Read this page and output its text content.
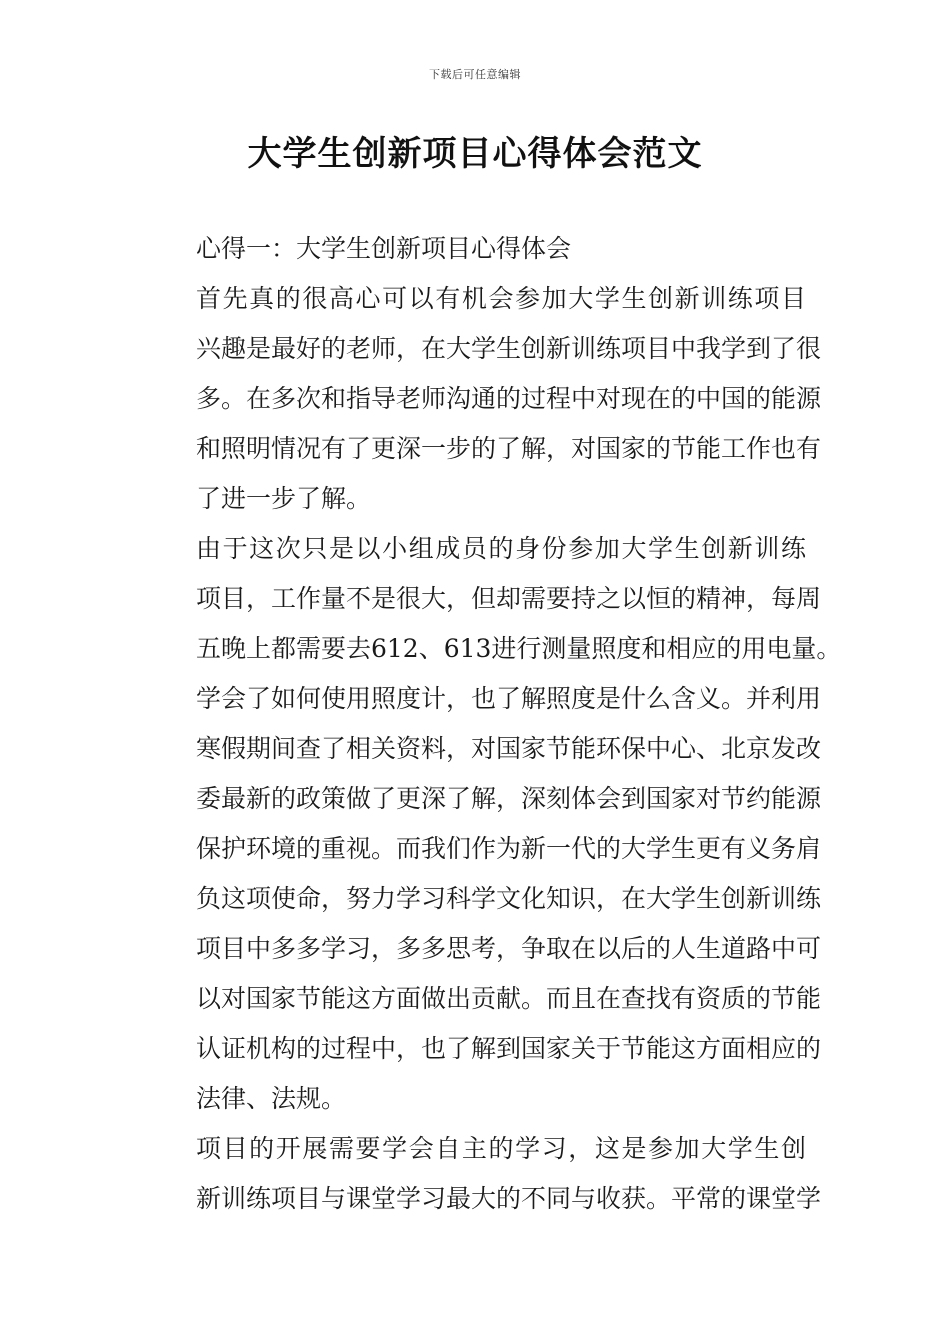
下载后可任意编辑
大学生创新项目心得体会范文

心得一：大学生创新项目心得体会

首先真的很高心可以有机会参加大学生创新训练项目
兴趣是最好的老师，在大学生创新训练项目中我学到了很
多。在多次和指导老师沟通的过程中对现在的中国的能源
和照明情况有了更深一步的了解，对国家的节能工作也有
了进一步了解。

由于这次只是以小组成员的身份参加大学生创新训练
项目，工作量不是很大，但却需要持之以恒的精神，每周
五晚上都需要去612、613进行测量照度和相应的用电量。
学会了如何使用照度计，也了解照度是什么含义。并利用
寒假期间查了相关资料，对国家节能环保中心、北京发改
委最新的政策做了更深了解，深刻体会到国家对节约能源
保护环境的重视。而我们作为新一代的大学生更有义务肩
负这项使命，努力学习科学文化知识，在大学生创新训练
项目中多多学习，多多思考，争取在以后的人生道路中可
以对国家节能这方面做出贡献。而且在查找有资质的节能
认证机构的过程中，也了解到国家关于节能这方面相应的
法律、法规。

项目的开展需要学会自主的学习，这是参加大学生创
新训练项目与课堂学习最大的不同与收获。平常的课堂学
